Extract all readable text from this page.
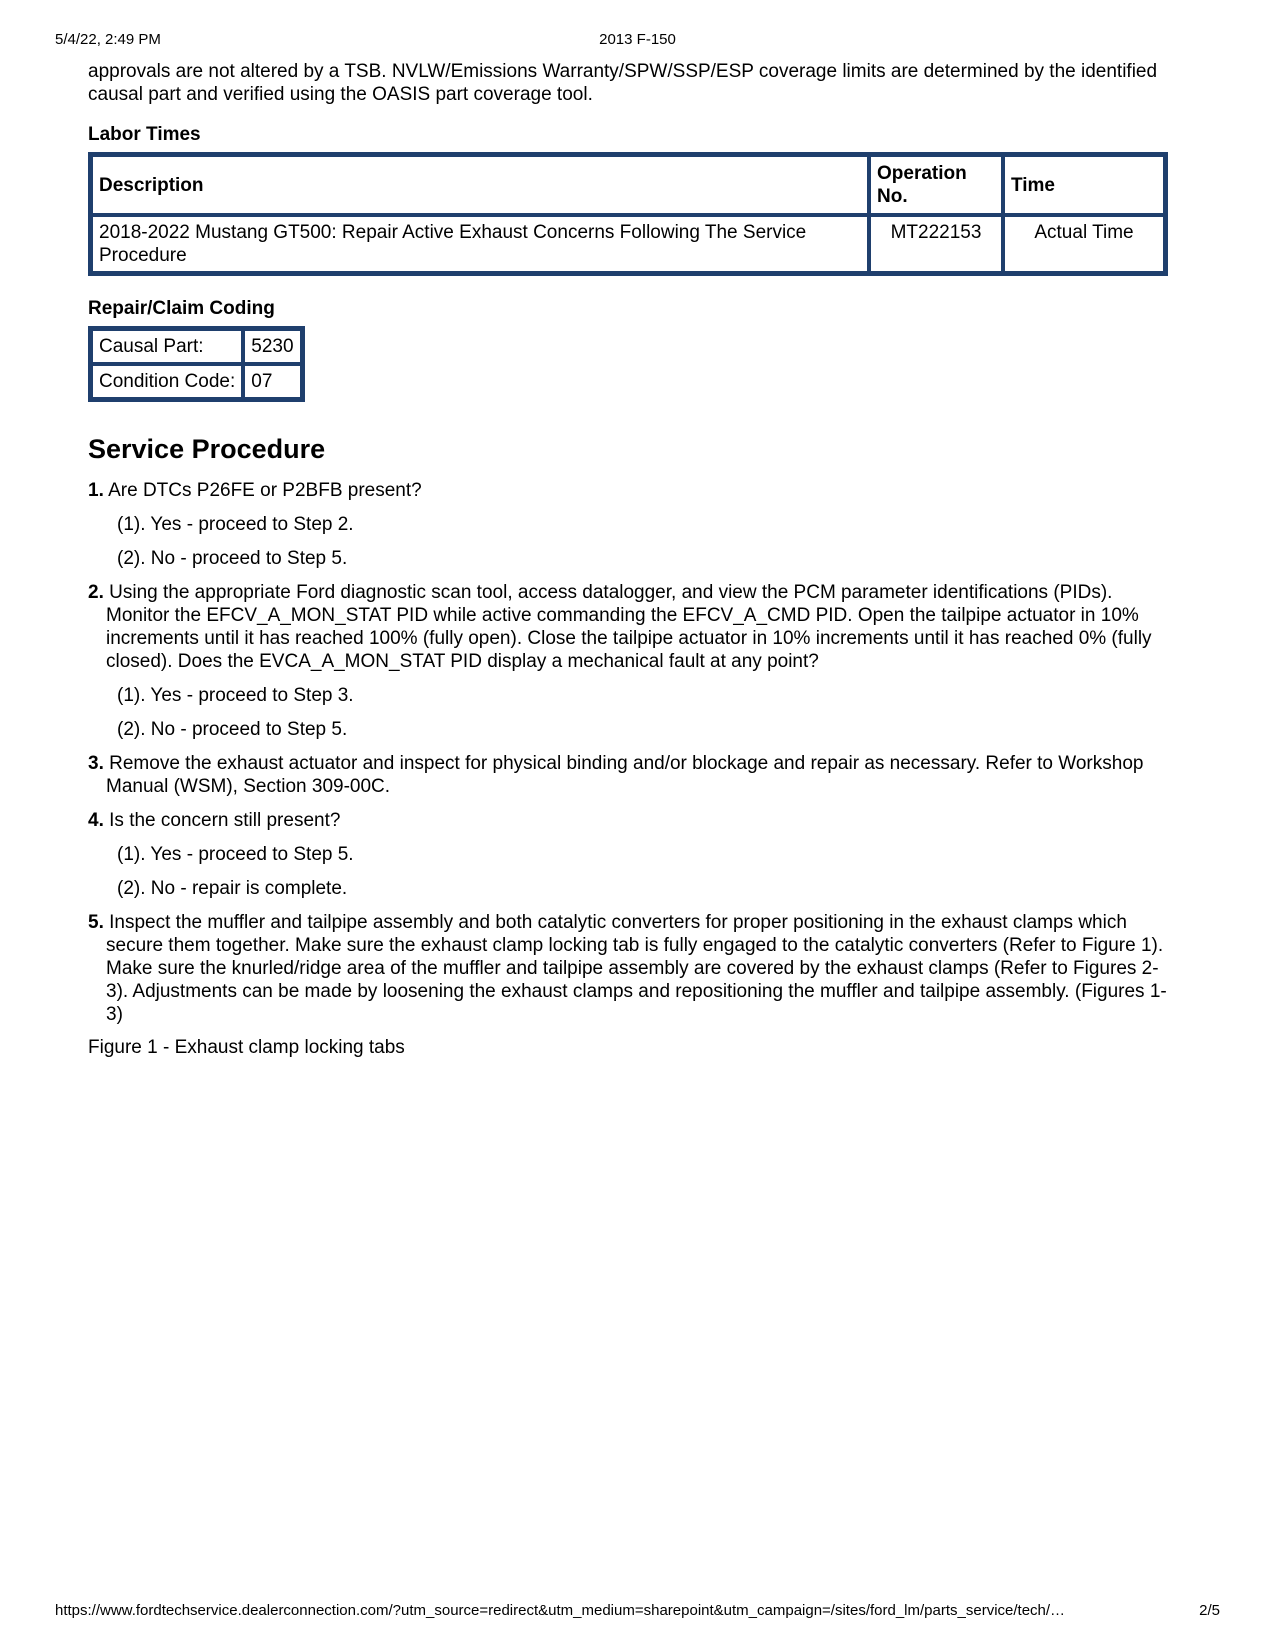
5/4/22, 2:49 PM	2013 F-150

approvals are not altered by a TSB. NVLW/Emissions Warranty/SPW/SSP/ESP coverage limits are determined by the identified causal part and verified using the OASIS part coverage tool.

Labor Times
Description	Operation No.	Time
2018-2022 Mustang GT500: Repair Active Exhaust Concerns Following The Service Procedure	MT222153	Actual Time
Repair/Claim Coding
Causal Part:	5230
Condition Code:	07
Service Procedure
1. Are DTCs P26FE or P2BFB present?
(1). Yes - proceed to Step 2.
(2). No - proceed to Step 5.
2. Using the appropriate Ford diagnostic scan tool, access datalogger, and view the PCM parameter identifications (PIDs). Monitor the EFCV_A_MON_STAT PID while active commanding the EFCV_A_CMD PID. Open the tailpipe actuator in 10% increments until it has reached 100% (fully open). Close the tailpipe actuator in 10% increments until it has reached 0% (fully closed). Does the EVCA_A_MON_STAT PID display a mechanical fault at any point?
(1). Yes - proceed to Step 3.
(2). No - proceed to Step 5.
3. Remove the exhaust actuator and inspect for physical binding and/or blockage and repair as necessary. Refer to Workshop Manual (WSM), Section 309-00C.
4. Is the concern still present?
(1). Yes - proceed to Step 5.
(2). No - repair is complete.
5. Inspect the muffler and tailpipe assembly and both catalytic converters for proper positioning in the exhaust clamps which secure them together. Make sure the exhaust clamp locking tab is fully engaged to the catalytic converters (Refer to Figure 1). Make sure the knurled/ridge area of the muffler and tailpipe assembly are covered by the exhaust clamps (Refer to Figures 2-3). Adjustments can be made by loosening the exhaust clamps and repositioning the muffler and tailpipe assembly. (Figures 1-3)
Figure 1 - Exhaust clamp locking tabs
https://www.fordtechservice.dealerconnection.com/?utm_source=redirect&utm_medium=sharepoint&utm_campaign=/sites/ford_lm/parts_service/tech/…	2/5
